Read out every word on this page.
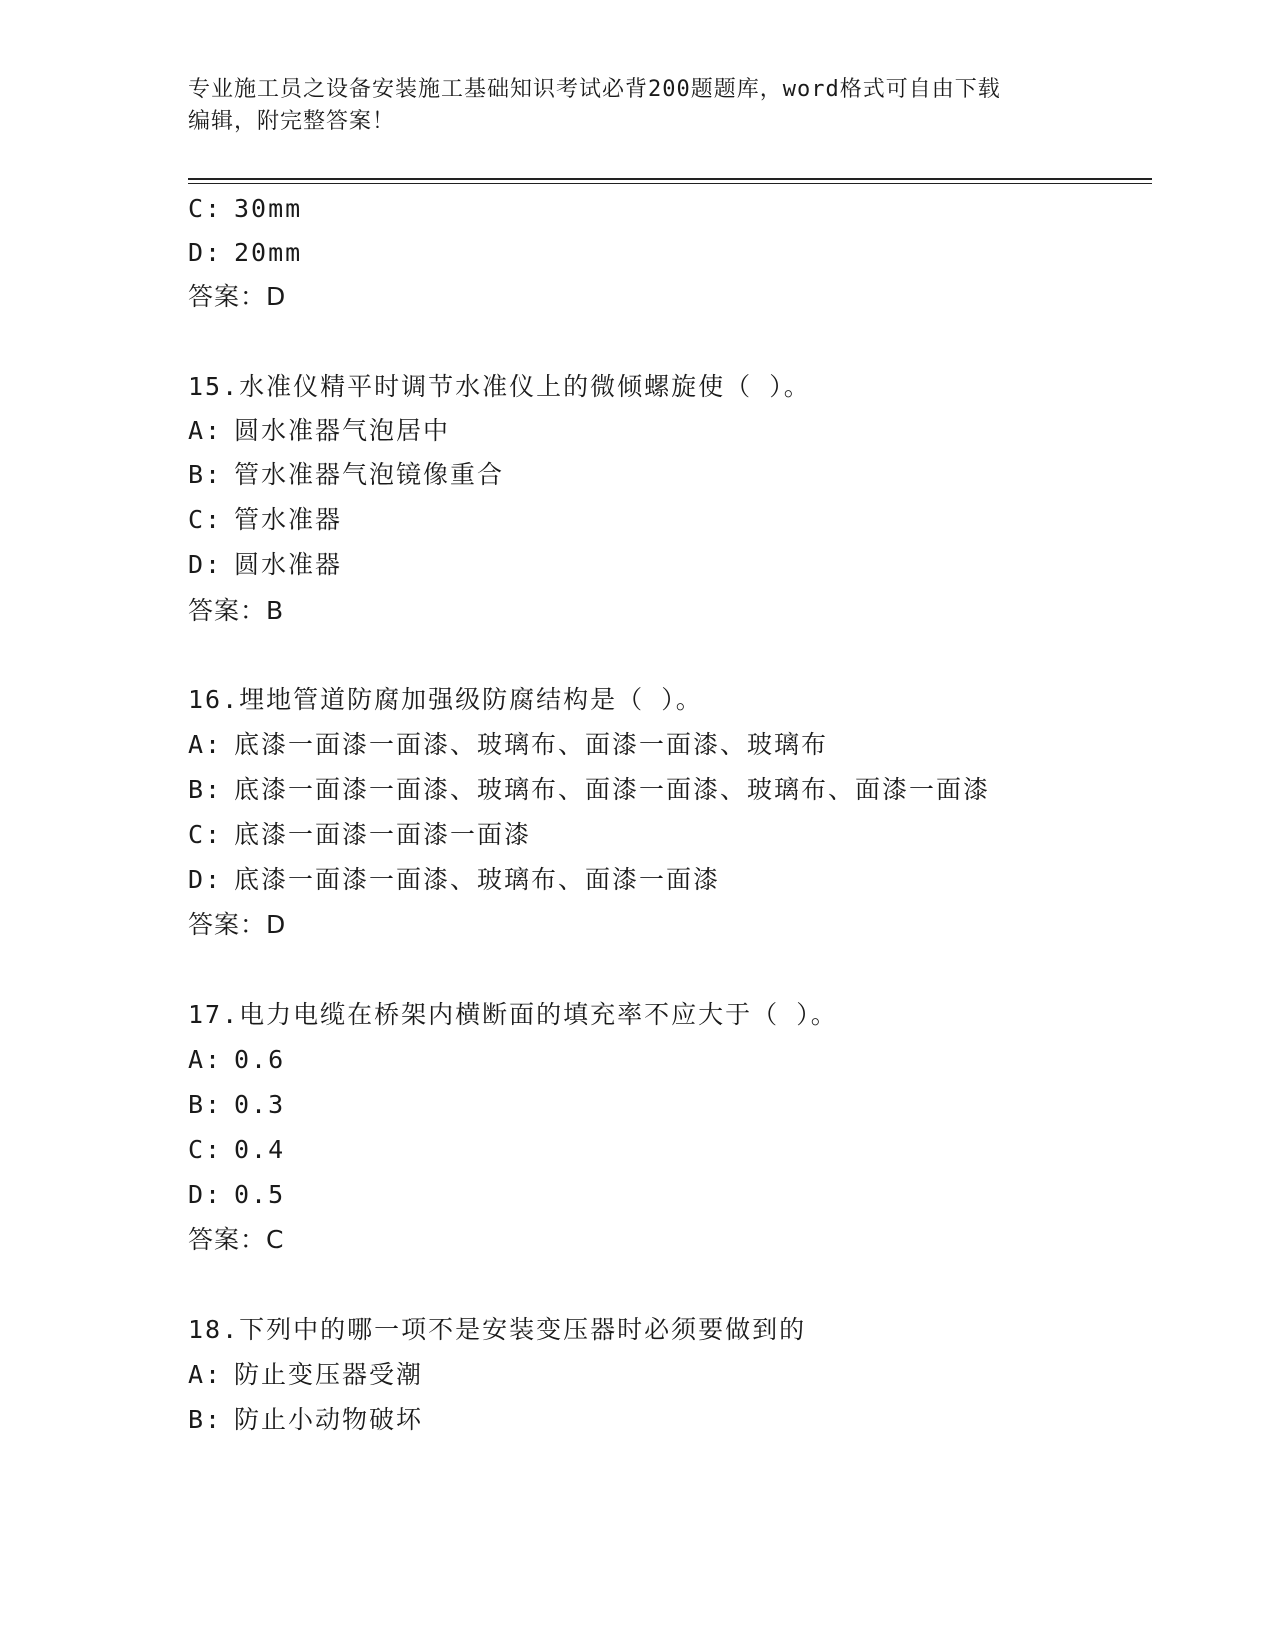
专业施工员之设备安装施工基础知识考试必背200题题库，word格式可自由下载
编辑，附完整答案！
C: 30mm
D: 20mm
答案：D
15.水准仪精平时调节水准仪上的微倾螺旋使（ ）。
A: 圆水准器气泡居中
B: 管水准器气泡镜像重合
C: 管水准器
D: 圆水准器
答案：B
16.埋地管道防腐加强级防腐结构是（ ）。
A: 底漆一面漆一面漆、玻璃布、面漆一面漆、玻璃布
B: 底漆一面漆一面漆、玻璃布、面漆一面漆、玻璃布、面漆一面漆
C: 底漆一面漆一面漆一面漆
D: 底漆一面漆一面漆、玻璃布、面漆一面漆
答案：D
17.电力电缆在桥架内横断面的填充率不应大于（ ）。
A: 0.6
B: 0.3
C: 0.4
D: 0.5
答案：C
18.下列中的哪一项不是安装变压器时必须要做到的
A: 防止变压器受潮
B: 防止小动物破坏
